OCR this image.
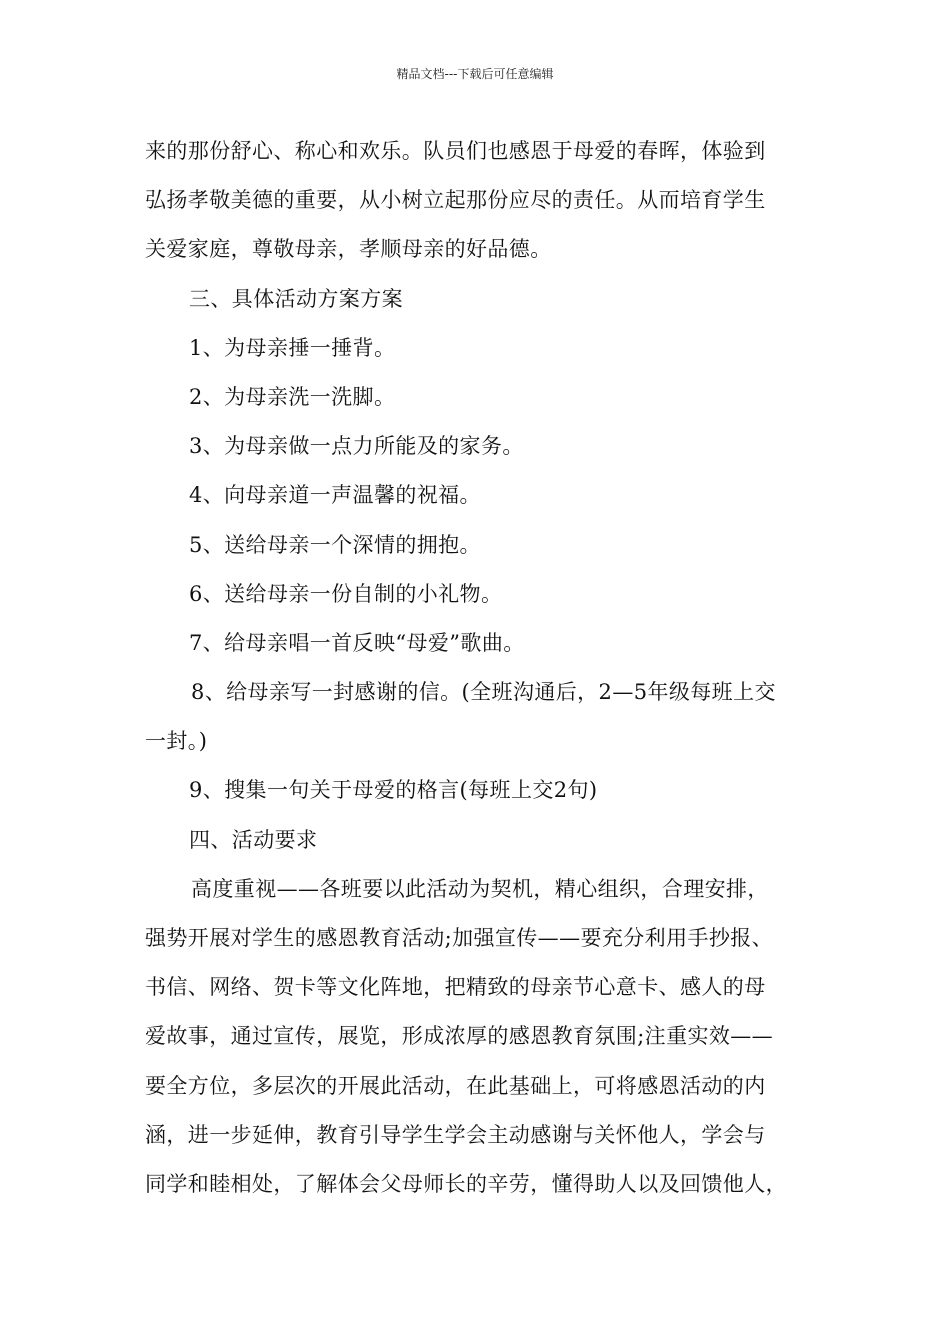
精品文档---下载后可任意编辑
来的那份舒心、称心和欢乐。队员们也感恩于母爱的春晖，体验到
弘扬孝敬美德的重要，从小树立起那份应尽的责任。从而培育学生
关爱家庭，尊敬母亲，孝顺母亲的好品德。
三、具体活动方案方案
1、为母亲捶一捶背。
2、为母亲洗一洗脚。
3、为母亲做一点力所能及的家务。
4、向母亲道一声温馨的祝福。
5、送给母亲一个深情的拥抱。
6、送给母亲一份自制的小礼物。
7、给母亲唱一首反映“母爱”歌曲。
8、给母亲写一封感谢的信。(全班沟通后，2—5年级每班上交
一封。)
9、搜集一句关于母爱的格言(每班上交2句)
四、活动要求
高度重视——各班要以此活动为契机，精心组织，合理安排，
强势开展对学生的感恩教育活动;加强宣传——要充分利用手抄报、
书信、网络、贺卡等文化阵地，把精致的母亲节心意卡、感人的母
爱故事，通过宣传，展览，形成浓厚的感恩教育氛围;注重实效——
要全方位，多层次的开展此活动，在此基础上，可将感恩活动的内
涵，进一步延伸，教育引导学生学会主动感谢与关怀他人，学会与
同学和睦相处，了解体会父母师长的辛劳，懂得助人以及回馈他人，
